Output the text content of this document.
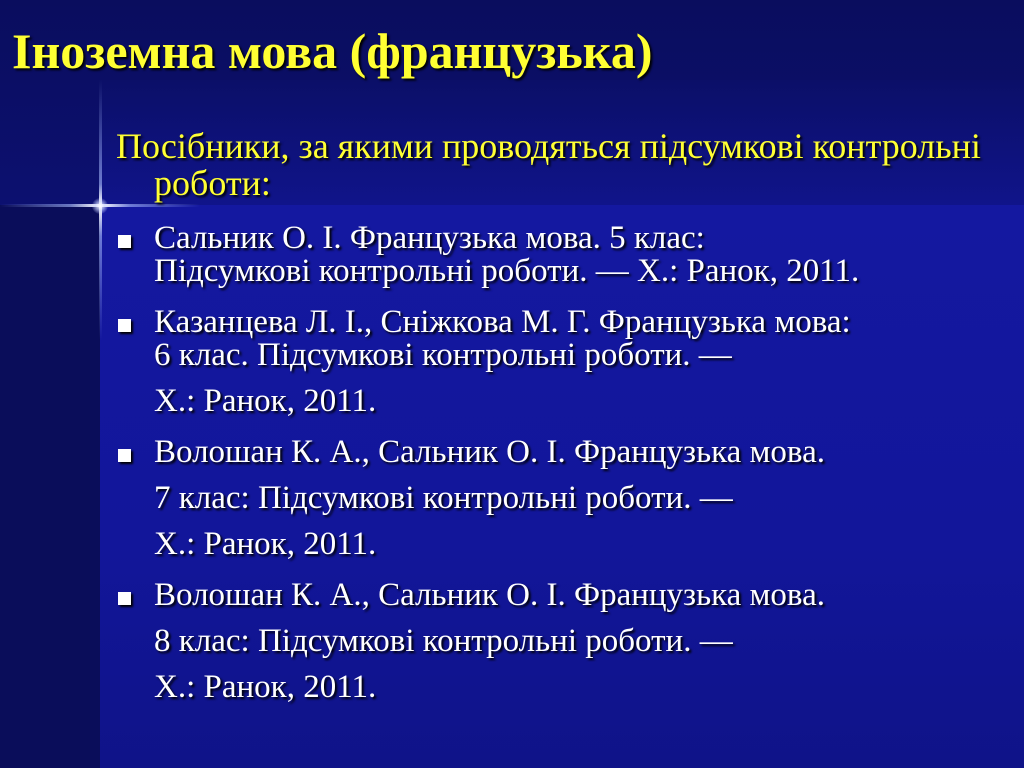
Іноземна мова (французька)

Посібники, за якими проводяться підсумкові контрольні роботи:

Сальник О. І. Французька мова. 5 клас:
Підсумкові контрольні роботи. — Х.: Ранок, 2011.
Казанцева Л. І., Сніжкова М. Г. Французька мова:
6 клас. Підсумкові контрольні роботи. —
Х.: Ранок, 2011.
Волошан К. А., Сальник О. І. Французька мова.
7 клас: Підсумкові контрольні роботи. —
Х.: Ранок, 2011.
Волошан К. А., Сальник О. І. Французька мова.
8 клас: Підсумкові контрольні роботи. —
Х.: Ранок, 2011.
